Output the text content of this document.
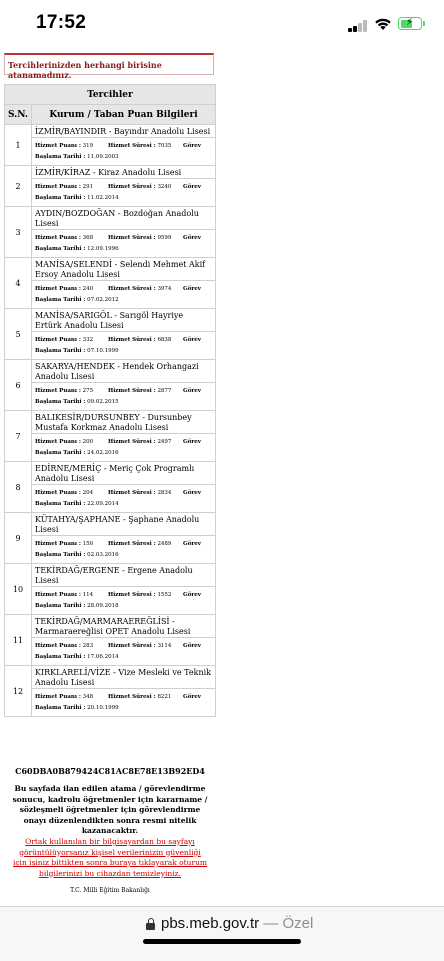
17:52	⚡
Tercihlerinizden herhangi birisine atanamadınız.
Tercihler	
S.N.	Kurum / Taban Puan Bilgileri
1	İZMİR/BAYINDIR - Bayındır Anadolu Lisesi
Hizmet Puanı : 319 Hizmet Süresi : 7035 Görev
Başlama Tarihi : 11.09.2003

2	İZMİR/KİRAZ - Kiraz Anadolu Lisesi
Hizmet Puanı : 291 Hizmet Süresi : 3240 Görev
Başlama Tarihi : 11.02.2014

3	AYDIN/BOZDOĞAN - Bozdoğan Anadolu Lisesi
Hizmet Puanı : 368 Hizmet Süresi : 9599 Görev
Başlama Tarihi : 12.09.1996

4	MANİSA/SELENDİ - Selendi Mehmet Akif Ersoy Anadolu Lisesi
Hizmet Puanı : 240 Hizmet Süresi : 3974 Görev
Başlama Tarihi : 07.02.2012

5	MANİSA/SARIGÖL - Sarıgöl Hayriye Ertürk Anadolu Lisesi
Hizmet Puanı : 332 Hizmet Süresi : 6838 Görev
Başlama Tarihi : 07.10.1999

6	SAKARYA/HENDEK - Hendek Orhangazi Anadolu Lisesi
Hizmet Puanı : 275 Hizmet Süresi : 2877 Görev
Başlama Tarihi : 09.02.2015

7	BALIKESİR/DURSUNBEY - Dursunbey Mustafa Korkmaz Anadolu Lisesi
Hizmet Puanı : 200 Hizmet Süresi : 2497 Görev
Başlama Tarihi : 24.02.2016

8	EDİRNE/MERİÇ - Meriç Çok Programlı Anadolu Lisesi
Hizmet Puanı : 204 Hizmet Süresi : 2834 Görev
Başlama Tarihi : 22.09.2014

9	KÜTAHYA/ŞAPHANE - Şaphane Anadolu Lisesi
Hizmet Puanı : 150 Hizmet Süresi : 2489 Görev
Başlama Tarihi : 02.03.2016

10	TEKİRDAĞ/ERGENE - Ergene Anadolu Lisesi
Hizmet Puanı : 114 Hizmet Süresi : 1552 Görev
Başlama Tarihi : 28.09.2018

11	TEKİRDAĞ/MARMARAEREĞLİSİ - Marmaraereğlisi OPET Anadolu Lisesi
Hizmet Puanı : 283 Hizmet Süresi : 3114 Görev
Başlama Tarihi : 17.06.2014

12	KIRKLARELİ/VİZE - Vize Mesleki ve Teknik Anadolu Lisesi
Hizmet Puanı : 348 Hizmet Süresi : 8221 Görev
Başlama Tarihi : 20.10.1999
C60DBA0B879424C81AC8E78E13B92ED4
Bu sayfada ilan edilen atama / görevlendirme sonucu, kadrolu öğretmenler için kararname / sözleşmeli öğretmenler için görevlendirme onayı düzenlendikten sonra resmi nitelik kazanacaktır.
Ortak kullanılan bir bilgisayardan bu sayfayı görüntülüyorsanız kişisel verilerinizin güvenliği için işiniz bittikten sonra buraya tıklayarak oturum bilgilerinizi bu cihazdan temizleyiniz.
T.C. Milli Eğitim Bakanlığı
pbs.meb.gov.tr — Özel
